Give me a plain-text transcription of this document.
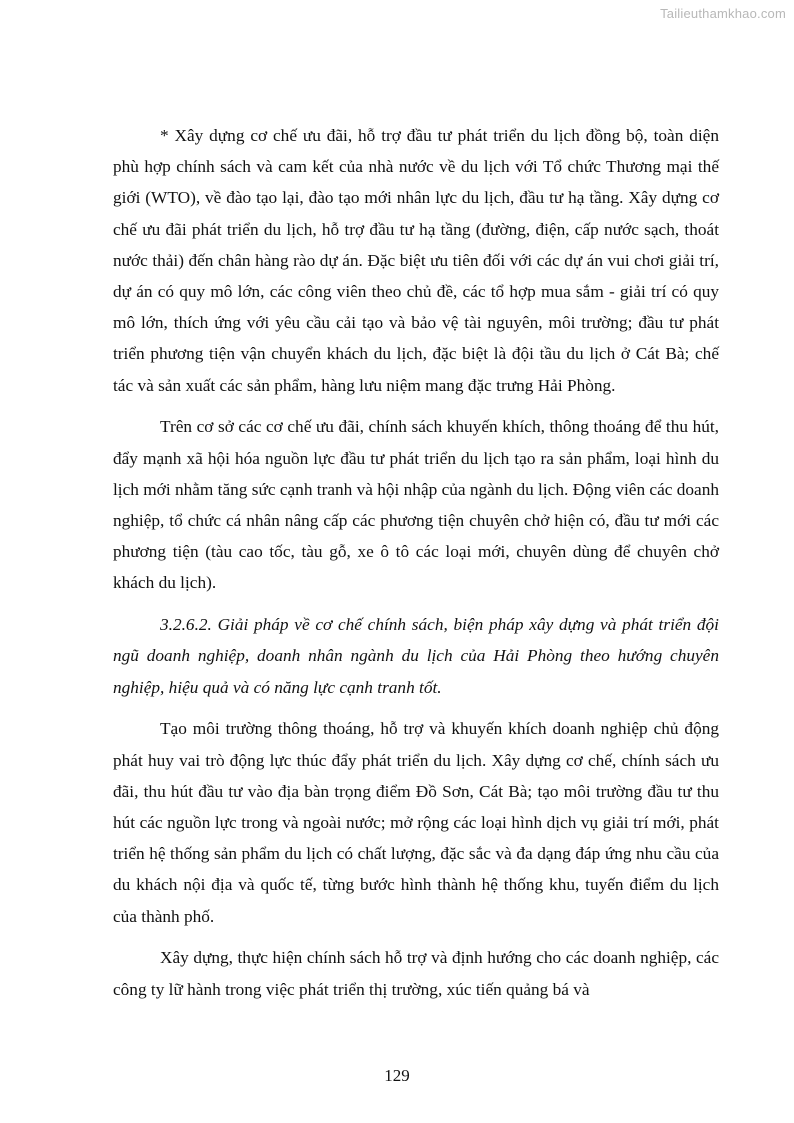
Tailieuthamkhao.com

* Xây dựng cơ chế ưu đãi, hỗ trợ đầu tư phát triển du lịch đồng bộ, toàn diện phù hợp chính sách và cam kết của nhà nước về du lịch với Tổ chức Thương mại thế giới (WTO), về đào tạo lại, đào tạo mới nhân lực du lịch, đầu tư hạ tầng. Xây dựng cơ chế ưu đãi phát triển du lịch, hỗ trợ đầu tư hạ tầng (đường, điện, cấp nước sạch, thoát nước thải) đến chân hàng rào dự án. Đặc biệt ưu tiên đối với các dự án vui chơi giải trí, dự án có quy mô lớn, các công viên theo chủ đề, các tổ hợp mua sắm - giải trí có quy mô lớn, thích ứng với yêu cầu cải tạo và bảo vệ tài nguyên, môi trường; đầu tư phát triển phương tiện vận chuyển khách du lịch, đặc biệt là đội tầu du lịch ở Cát Bà; chế tác và sản xuất các sản phẩm, hàng lưu niệm mang đặc trưng Hải Phòng.

Trên cơ sở các cơ chế ưu đãi, chính sách khuyến khích, thông thoáng để thu hút, đẩy mạnh xã hội hóa nguồn lực đầu tư phát triển du lịch tạo ra sản phẩm, loại hình du lịch mới nhằm tăng sức cạnh tranh và hội nhập của ngành du lịch. Động viên các doanh nghiệp, tổ chức cá nhân nâng cấp các phương tiện chuyên chở hiện có, đầu tư mới các phương tiện (tàu cao tốc, tàu gỗ, xe ô tô các loại mới, chuyên dùng để chuyên chở khách du lịch).

3.2.6.2. Giải pháp về cơ chế chính sách, biện pháp xây dựng và phát triển đội ngũ doanh nghiệp, doanh nhân ngành du lịch của Hải Phòng theo hướng chuyên nghiệp, hiệu quả và có năng lực cạnh tranh tốt.

Tạo môi trường thông thoáng, hỗ trợ và khuyến khích doanh nghiệp chủ động phát huy vai trò động lực thúc đẩy phát triển du lịch. Xây dựng cơ chế, chính sách ưu đãi, thu hút đầu tư vào địa bàn trọng điểm Đồ Sơn, Cát Bà; tạo môi trường đầu tư thu hút các nguồn lực trong và ngoài nước; mở rộng các loại hình dịch vụ giải trí mới, phát triển hệ thống sản phẩm du lịch có chất lượng, đặc sắc và đa dạng đáp ứng nhu cầu của du khách nội địa và quốc tế, từng bước hình thành hệ thống khu, tuyến điểm du lịch của thành phố.

Xây dựng, thực hiện chính sách hỗ trợ và định hướng cho các doanh nghiệp, các công ty lữ hành trong việc phát triển thị trường, xúc tiến quảng bá và

129
